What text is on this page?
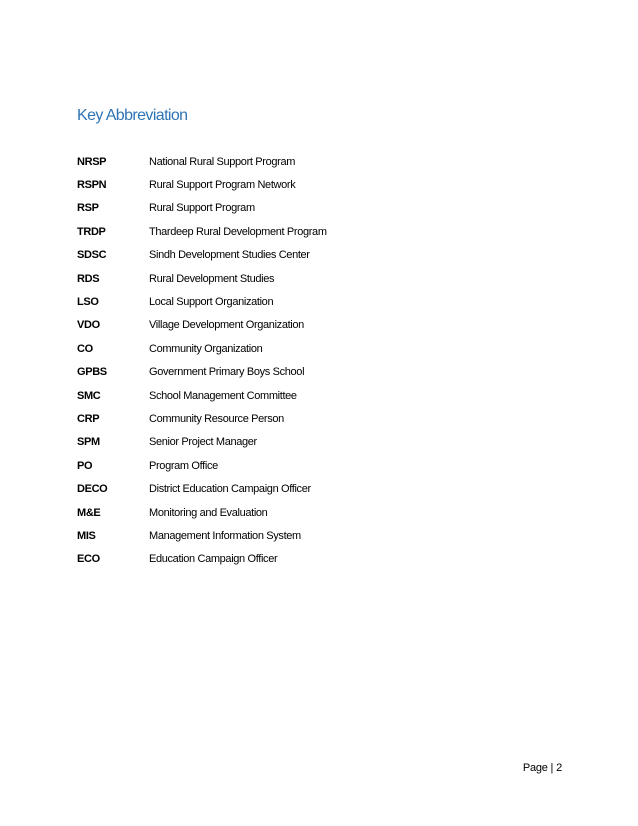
Key Abbreviation
NRSP	National Rural Support Program
RSPN	Rural Support Program Network
RSP	Rural Support Program
TRDP	Thardeep Rural Development Program
SDSC	Sindh Development Studies Center
RDS	Rural Development Studies
LSO	Local Support Organization
VDO	Village Development Organization
CO	Community Organization
GPBS	Government Primary Boys School
SMC	School Management Committee
CRP	Community Resource Person
SPM	Senior Project Manager
PO	Program Office
DECO	District Education Campaign Officer
M&E	Monitoring and Evaluation
MIS	Management Information System
ECO	Education Campaign Officer
Page | 2
